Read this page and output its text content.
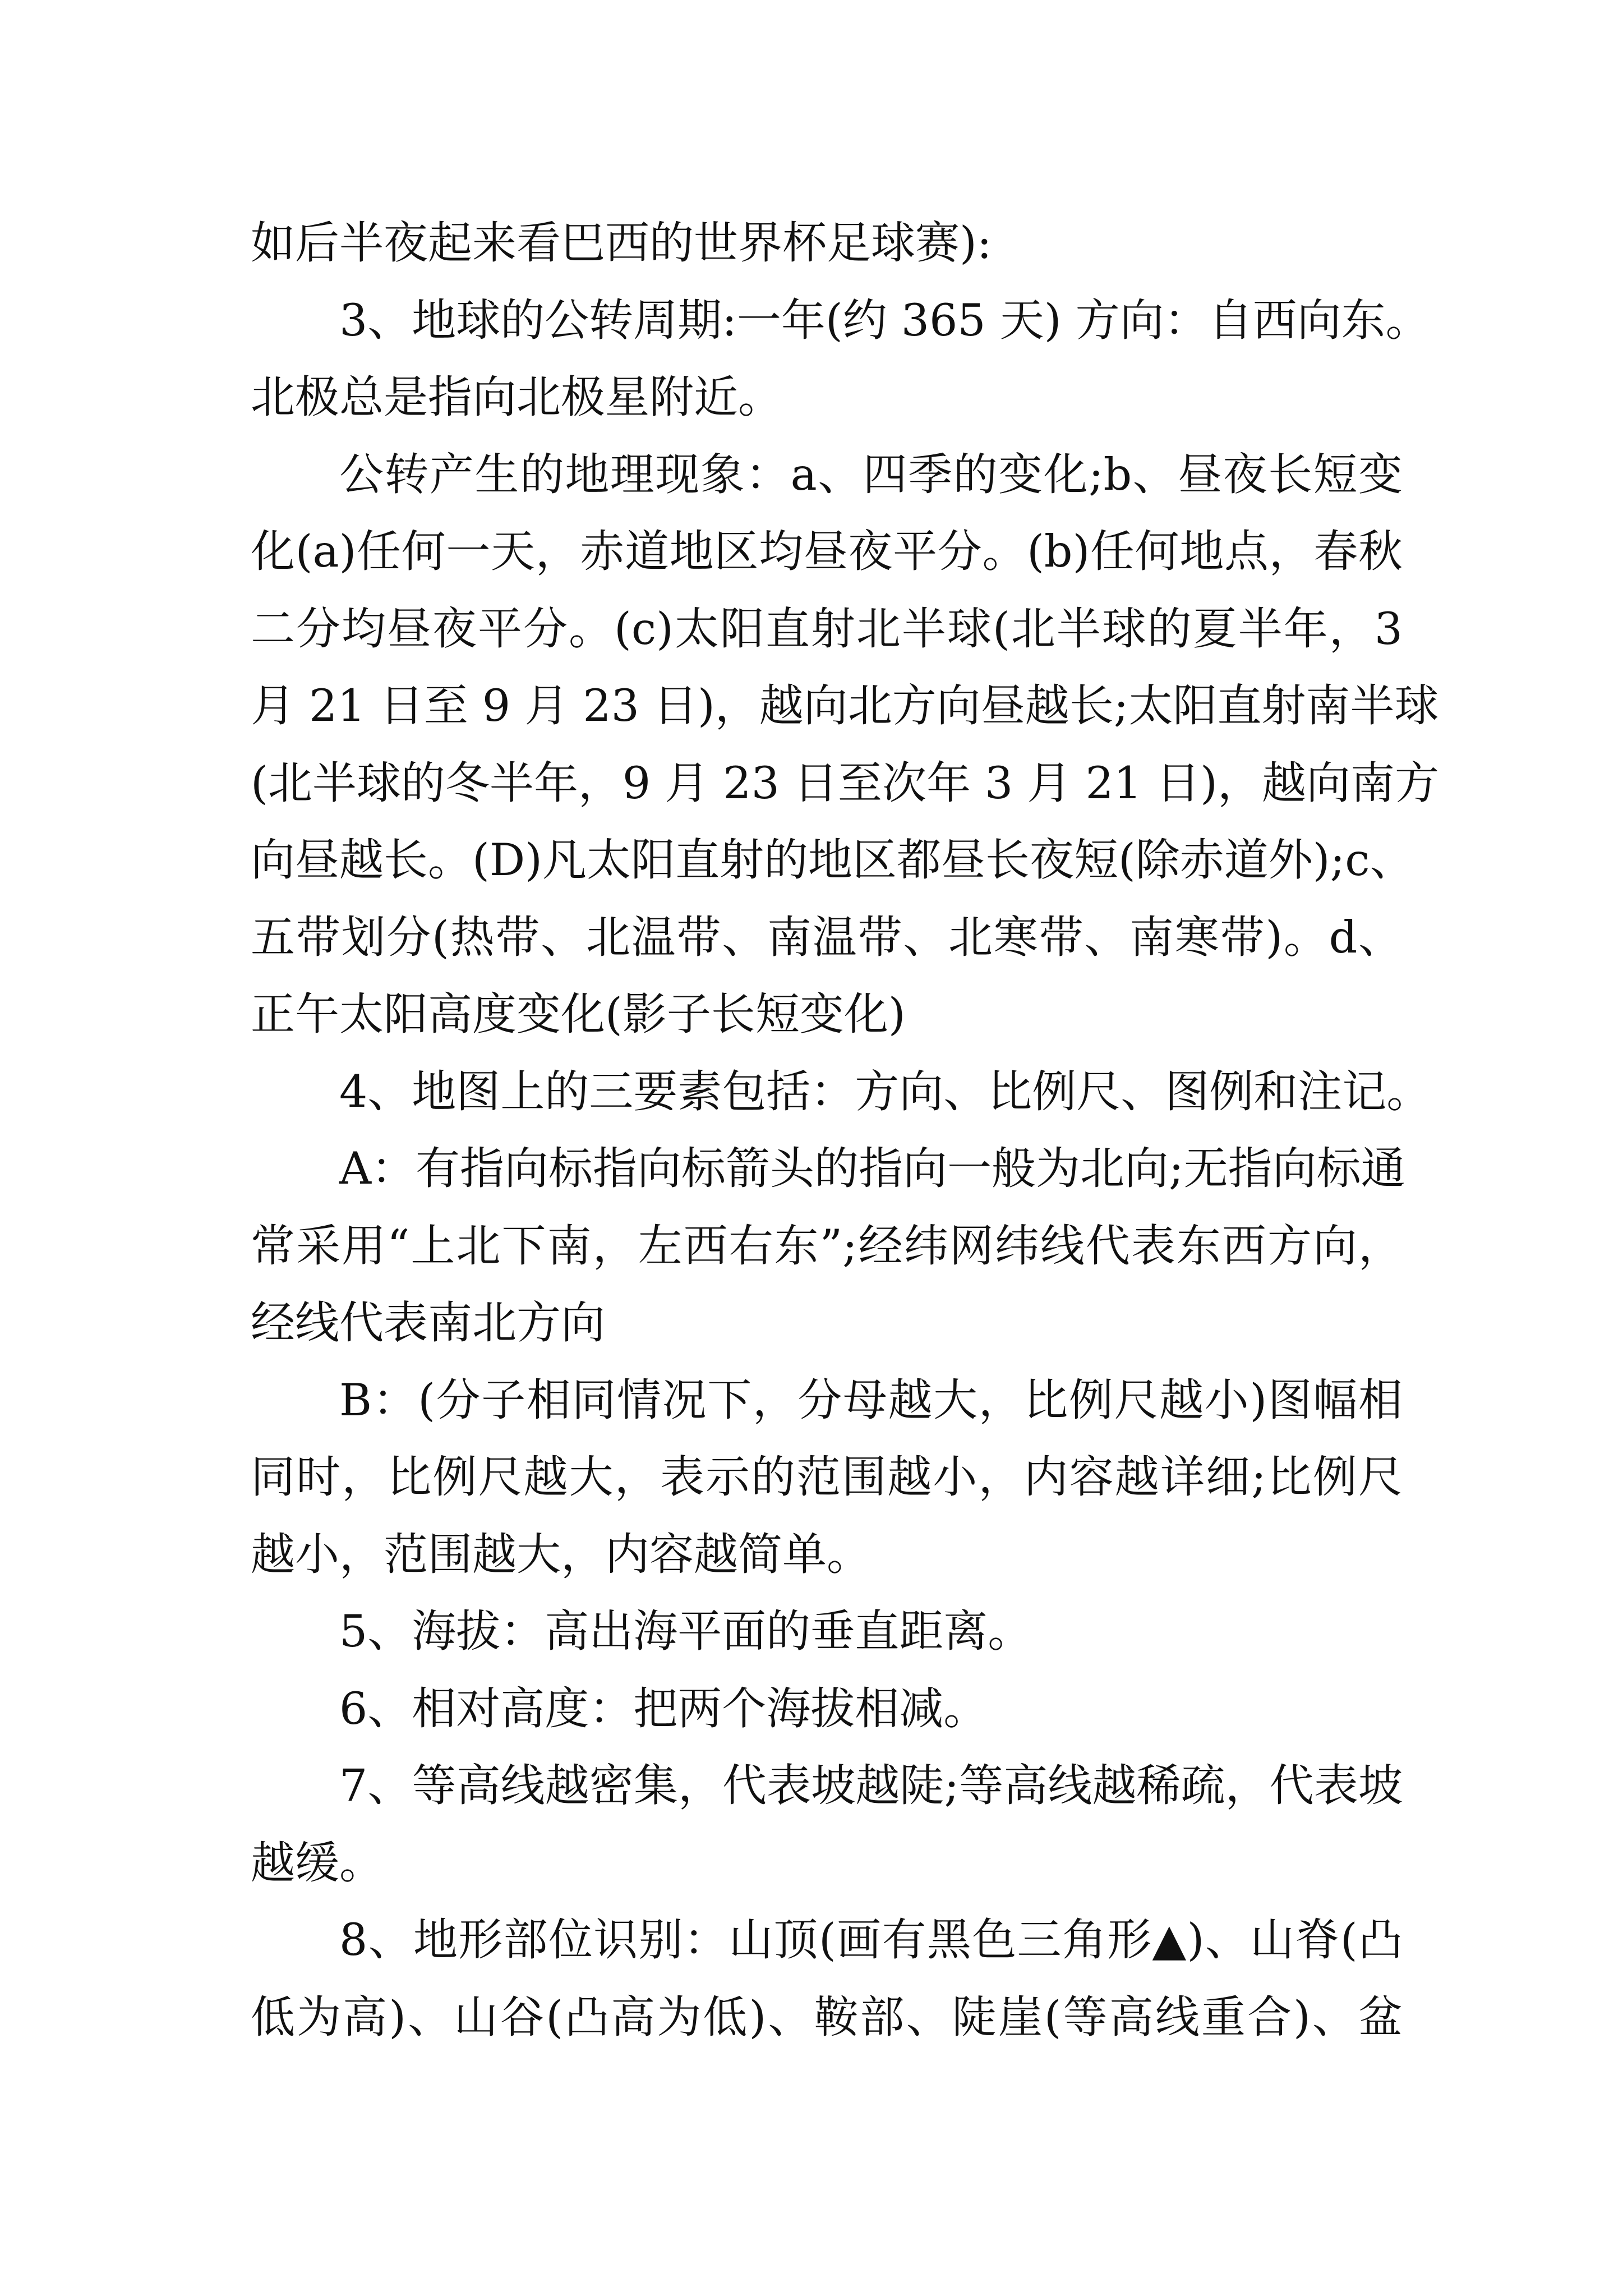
如后半夜起来看巴西的世界杯足球赛):
3、地球的公转周期:一年(约 365 天) 方向：自西向东。
北极总是指向北极星附近。
公转产生的地理现象：a、四季的变化;b、昼夜长短变
化(a)任何一天，赤道地区均昼夜平分。(b)任何地点，春秋
二分均昼夜平分。(c)太阳直射北半球(北半球的夏半年，3
月 21 日至 9 月 23 日)，越向北方向昼越长;太阳直射南半球
(北半球的冬半年，9 月 23 日至次年 3 月 21 日)，越向南方
向昼越长。(D)凡太阳直射的地区都昼长夜短(除赤道外);c、
五带划分(热带、北温带、南温带、北寒带、南寒带)。d、
正午太阳高度变化(影子长短变化)
4、地图上的三要素包括：方向、比例尺、图例和注记。
A：有指向标指向标箭头的指向一般为北向;无指向标通
常采用“上北下南，左西右东”;经纬网纬线代表东西方向，
经线代表南北方向
B：(分子相同情况下，分母越大，比例尺越小)图幅相
同时，比例尺越大，表示的范围越小，内容越详细;比例尺
越小，范围越大，内容越简单。
5、海拔：高出海平面的垂直距离。
6、相对高度：把两个海拔相减。
7、等高线越密集，代表坡越陡;等高线越稀疏，代表坡
越缓。
8、地形部位识别：山顶(画有黑色三角形▲)、山脊(凸
低为高)、山谷(凸高为低)、鞍部、陡崖(等高线重合)、盆
